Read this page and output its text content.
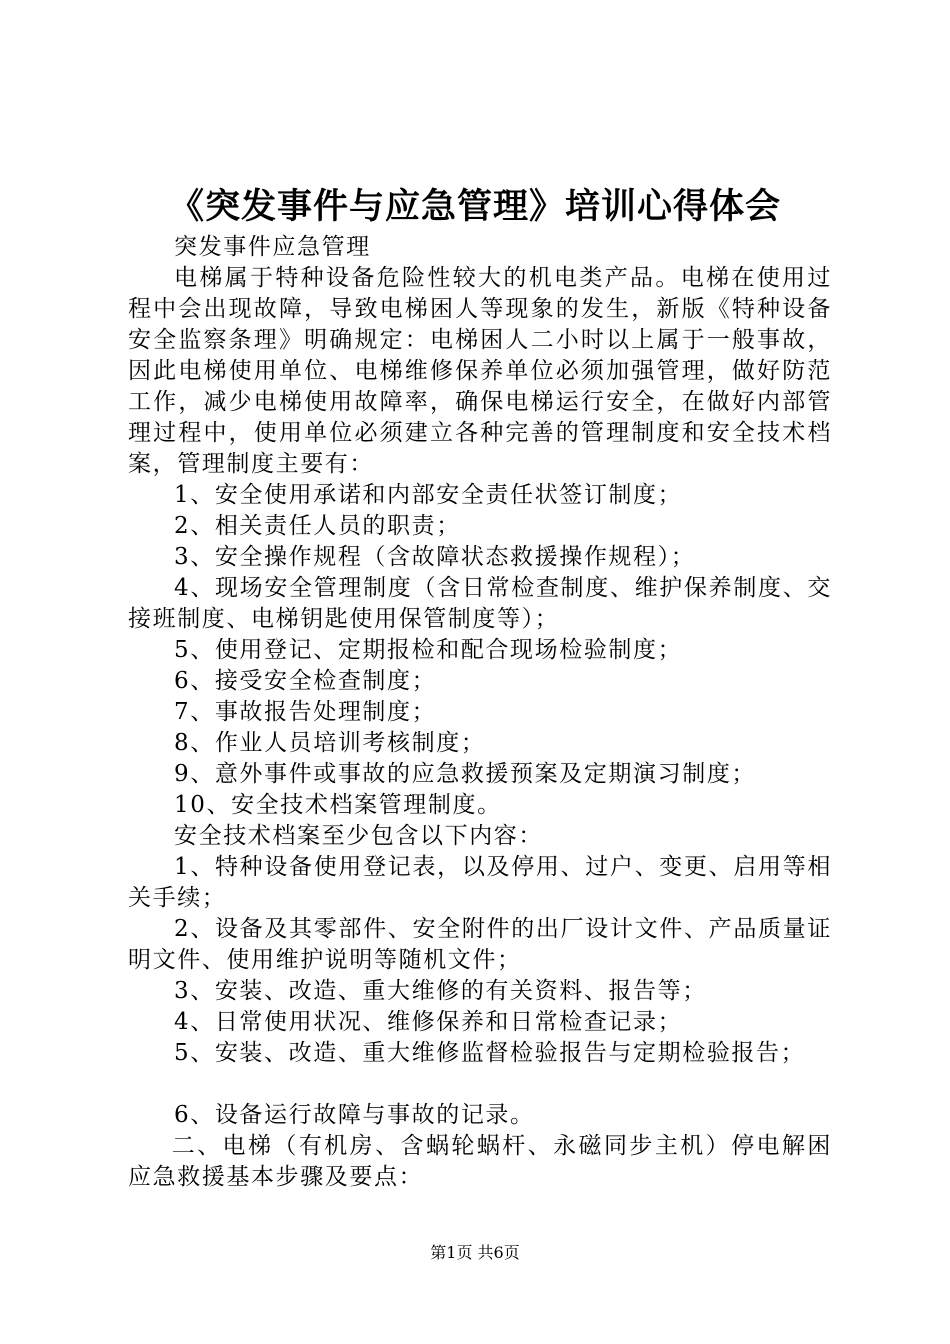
《突发事件与应急管理》培训心得体会

突发事件应急管理

电梯属于特种设备危险性较大的机电类产品。电梯在使用过程中会出现故障，导致电梯困人等现象的发生，新版《特种设备安全监察条理》明确规定：电梯困人二小时以上属于一般事故，因此电梯使用单位、电梯维修保养单位必须加强管理，做好防范工作，减少电梯使用故障率，确保电梯运行安全，在做好内部管理过程中，使用单位必须建立各种完善的管理制度和安全技术档案，管理制度主要有：

1、安全使用承诺和内部安全责任状签订制度；

2、相关责任人员的职责；

3、安全操作规程（含故障状态救援操作规程）；

4、现场安全管理制度（含日常检查制度、维护保养制度、交接班制度、电梯钥匙使用保管制度等）；

5、使用登记、定期报检和配合现场检验制度；

6、接受安全检查制度；

7、事故报告处理制度；

8、作业人员培训考核制度；

9、意外事件或事故的应急救援预案及定期演习制度；

10、安全技术档案管理制度。

安全技术档案至少包含以下内容：

1、特种设备使用登记表，以及停用、过户、变更、启用等相关手续；

2、设备及其零部件、安全附件的出厂设计文件、产品质量证明文件、使用维护说明等随机文件；

3、安装、改造、重大维修的有关资料、报告等；

4、日常使用状况、维修保养和日常检查记录；

5、安装、改造、重大维修监督检验报告与定期检验报告；

6、设备运行故障与事故的记录。

二、电梯（有机房、含蜗轮蜗杆、永磁同步主机）停电解困应急救援基本步骤及要点：

第1页 共6页
